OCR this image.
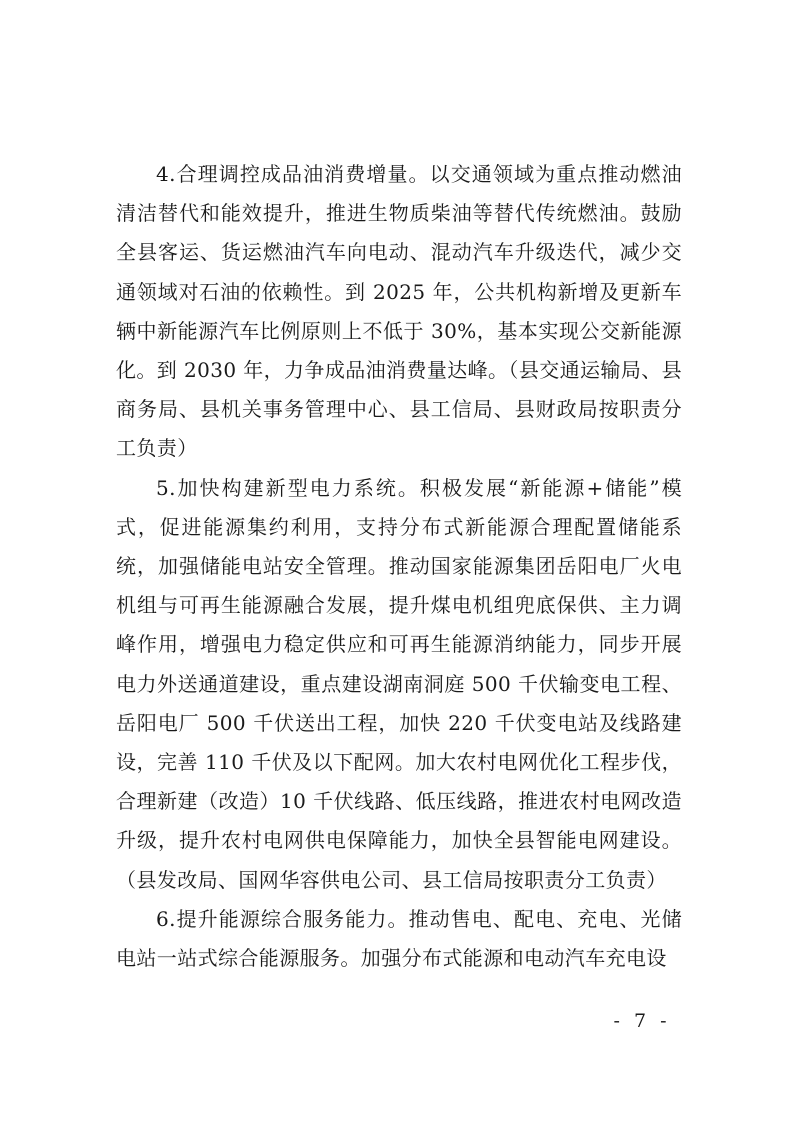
4.合理调控成品油消费增量。以交通领域为重点推动燃油清洁替代和能效提升，推进生物质柴油等替代传统燃油。鼓励全县客运、货运燃油汽车向电动、混动汽车升级迭代，减少交通领域对石油的依赖性。到 2025 年，公共机构新增及更新车辆中新能源汽车比例原则上不低于 30%，基本实现公交新能源化。到 2030 年，力争成品油消费量达峰。（县交通运输局、县商务局、县机关事务管理中心、县工信局、县财政局按职责分工负责）

5.加快构建新型电力系统。积极发展“新能源+储能”模式，促进能源集约利用，支持分布式新能源合理配置储能系统，加强储能电站安全管理。推动国家能源集团岳阳电厂火电机组与可再生能源融合发展，提升煤电机组兜底保供、主力调峰作用，增强电力稳定供应和可再生能源消纳能力，同步开展电力外送通道建设，重点建设湖南洞庭 500 千伏输变电工程、岳阳电厂 500 千伏送出工程，加快 220 千伏变电站及线路建设，完善 110 千伏及以下配网。加大农村电网优化工程步伐，合理新建（改造）10 千伏线路、低压线路，推进农村电网改造升级，提升农村电网供电保障能力，加快全县智能电网建设。（县发改局、国网华容供电公司、县工信局按职责分工负责）

6.提升能源综合服务能力。推动售电、配电、充电、光储电站一站式综合能源服务。加强分布式能源和电动汽车充电设

- 7 -
